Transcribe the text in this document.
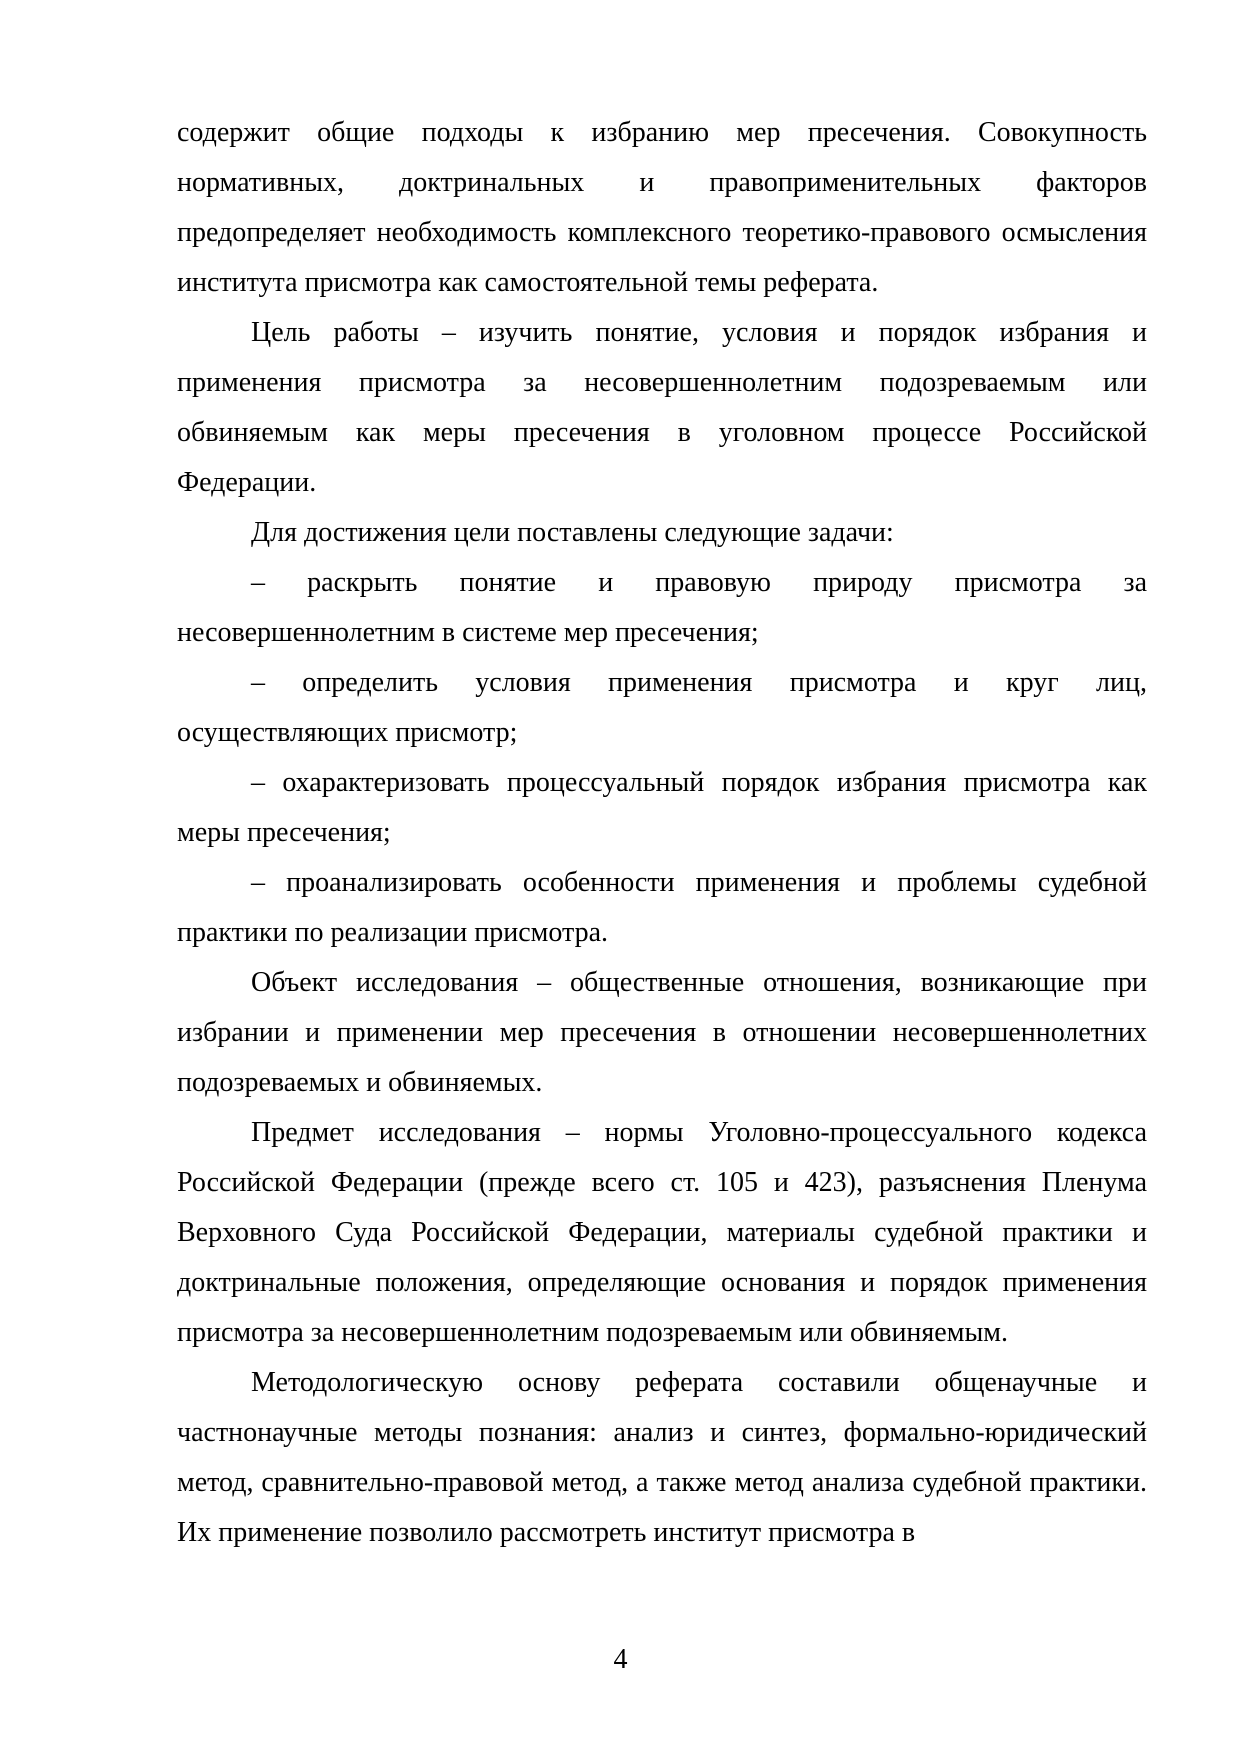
содержит общие подходы к избранию мер пресечения. Совокупность нормативных, доктринальных и правоприменительных факторов предопределяет необходимость комплексного теоретико-правового осмысления института присмотра как самостоятельной темы реферата.

Цель работы – изучить понятие, условия и порядок избрания и применения присмотра за несовершеннолетним подозреваемым или обвиняемым как меры пресечения в уголовном процессе Российской Федерации.

Для достижения цели поставлены следующие задачи:

– раскрыть понятие и правовую природу присмотра за несовершеннолетним в системе мер пресечения;

– определить условия применения присмотра и круг лиц, осуществляющих присмотр;

– охарактеризовать процессуальный порядок избрания присмотра как меры пресечения;

– проанализировать особенности применения и проблемы судебной практики по реализации присмотра.

Объект исследования – общественные отношения, возникающие при избрании и применении мер пресечения в отношении несовершеннолетних подозреваемых и обвиняемых.

Предмет исследования – нормы Уголовно-процессуального кодекса Российской Федерации (прежде всего ст. 105 и 423), разъяснения Пленума Верховного Суда Российской Федерации, материалы судебной практики и доктринальные положения, определяющие основания и порядок применения присмотра за несовершеннолетним подозреваемым или обвиняемым.

Методологическую основу реферата составили общенаучные и частнонаучные методы познания: анализ и синтез, формально-юридический метод, сравнительно-правовой метод, а также метод анализа судебной практики. Их применение позволило рассмотреть институт присмотра в

4
